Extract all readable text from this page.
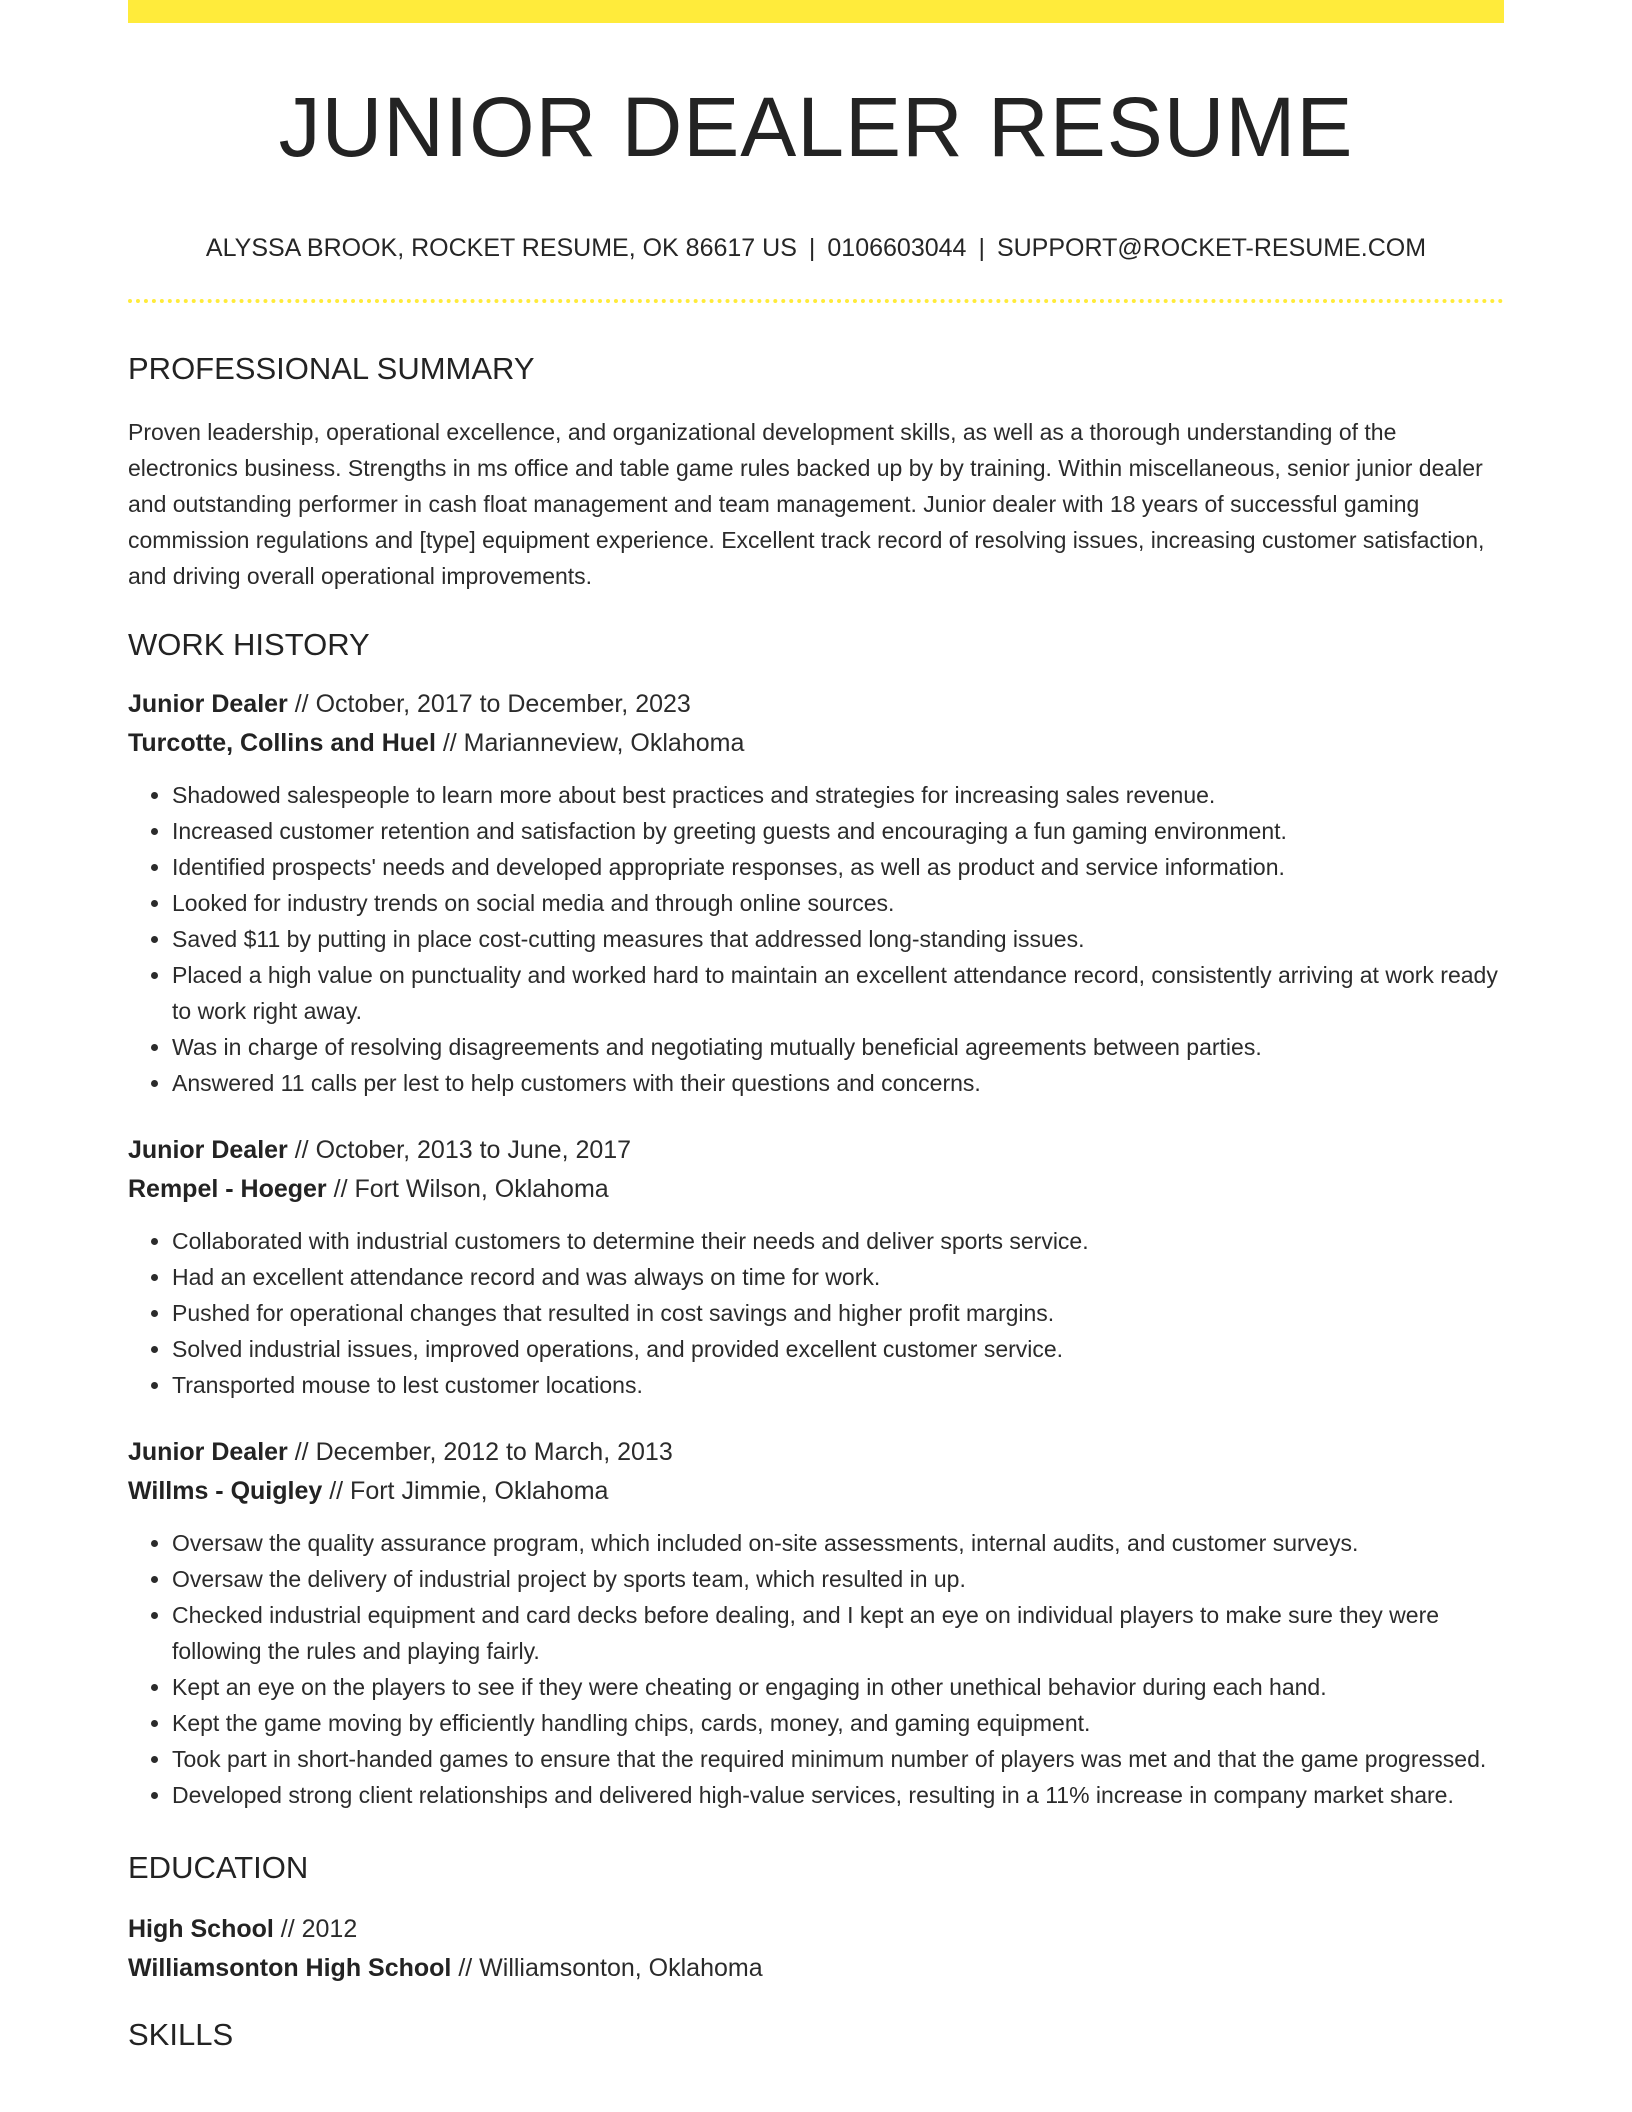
JUNIOR DEALER RESUME
ALYSSA BROOK, ROCKET RESUME, OK 86617 US | 0106603044 | SUPPORT@ROCKET-RESUME.COM
PROFESSIONAL SUMMARY
Proven leadership, operational excellence, and organizational development skills, as well as a thorough understanding of the electronics business. Strengths in ms office and table game rules backed up by by training. Within miscellaneous, senior junior dealer and outstanding performer in cash float management and team management. Junior dealer with 18 years of successful gaming commission regulations and [type] equipment experience. Excellent track record of resolving issues, increasing customer satisfaction, and driving overall operational improvements.
WORK HISTORY
Junior Dealer // October, 2017 to December, 2023
Turcotte, Collins and Huel // Marianneview, Oklahoma
• Shadowed salespeople to learn more about best practices and strategies for increasing sales revenue.
• Increased customer retention and satisfaction by greeting guests and encouraging a fun gaming environment.
• Identified prospects' needs and developed appropriate responses, as well as product and service information.
• Looked for industry trends on social media and through online sources.
• Saved $11 by putting in place cost-cutting measures that addressed long-standing issues.
• Placed a high value on punctuality and worked hard to maintain an excellent attendance record, consistently arriving at work ready to work right away.
• Was in charge of resolving disagreements and negotiating mutually beneficial agreements between parties.
• Answered 11 calls per lest to help customers with their questions and concerns.
Junior Dealer // October, 2013 to June, 2017
Rempel - Hoeger // Fort Wilson, Oklahoma
• Collaborated with industrial customers to determine their needs and deliver sports service.
• Had an excellent attendance record and was always on time for work.
• Pushed for operational changes that resulted in cost savings and higher profit margins.
• Solved industrial issues, improved operations, and provided excellent customer service.
• Transported mouse to lest customer locations.
Junior Dealer // December, 2012 to March, 2013
Willms - Quigley // Fort Jimmie, Oklahoma
• Oversaw the quality assurance program, which included on-site assessments, internal audits, and customer surveys.
• Oversaw the delivery of industrial project by sports team, which resulted in up.
• Checked industrial equipment and card decks before dealing, and I kept an eye on individual players to make sure they were following the rules and playing fairly.
• Kept an eye on the players to see if they were cheating or engaging in other unethical behavior during each hand.
• Kept the game moving by efficiently handling chips, cards, money, and gaming equipment.
• Took part in short-handed games to ensure that the required minimum number of players was met and that the game progressed.
• Developed strong client relationships and delivered high-value services, resulting in a 11% increase in company market share.
EDUCATION
High School // 2012
Williamsonton High School // Williamsonton, Oklahoma
SKILLS
